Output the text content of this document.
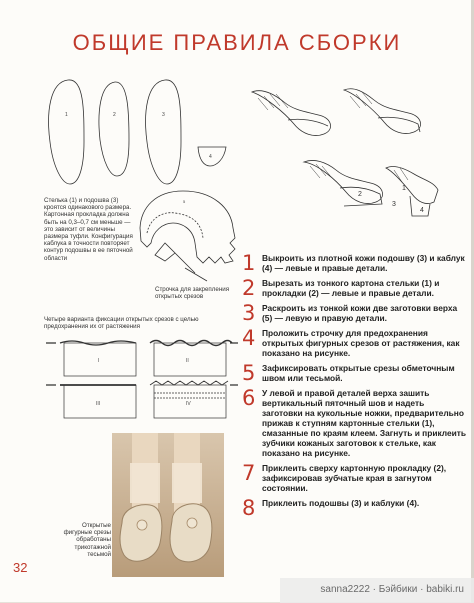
ОБЩИЕ ПРАВИЛА СБОРКИ
1	2	3
4
Стелька (1) и подошва (3) кроятся одинакового размера. Картонная прокладка должна быть на 0,3–0,7 см меньше — это зависит от величины размера туфли. Конфигурация каблука в точности повторяет контур подошвы в ее пяточной области
5
Строчка для закрепления открытых срезов
Четыре варианта фиксации открытых срезов с целью предохранения их от растяжения
I	II
III	IV
Открытые фигурные срезы обработаны трикотажной тесьмой
1
2
3
4
1 Выкроить из плотной кожи подошву (3) и каблук (4) — левые и правые детали.
2 Вырезать из тонкого картона стельки (1) и прокладки (2) — левые и правые детали.
3 Раскроить из тонкой кожи две заготовки верха (5) — левую и правую детали.
4 Проложить строчку для предохранения открытых фигурных срезов от растяжения, как показано на рисунке.
5 Зафиксировать открытые срезы обметочным швом или тесьмой.
6 У левой и правой деталей верха зашить вертикальный пяточный шов и надеть заготовки на кукольные ножки, предварительно прижав к ступням картонные стельки (1), смазанные по краям клеем. Загнуть и приклеить зубчики кожаных заготовок к стельке, как показано на рисунке.
7 Приклеить сверху картонную прокладку (2), зафиксировав зубчатые края в загнутом состоянии.
8 Приклеить подошвы (3) и каблуки (4).
32
sanna2222 · Бэйбики · babiki.ru
